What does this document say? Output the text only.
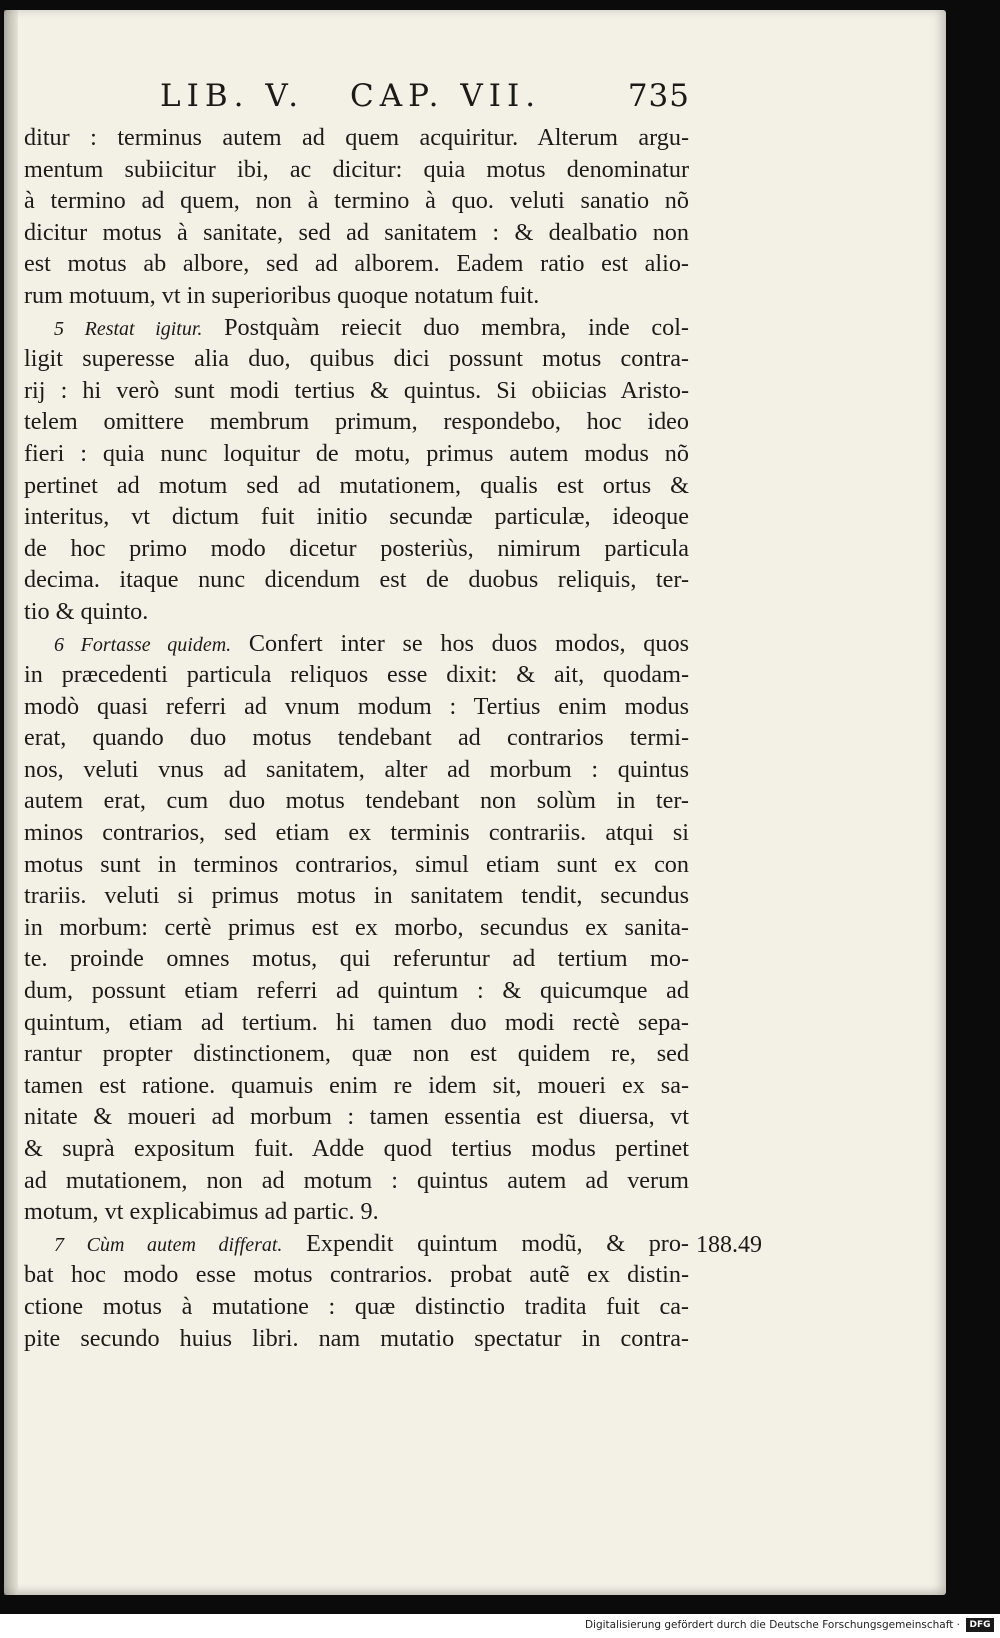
LIB. V. CAP. VII.	735
ditur : terminus autem ad quem acquiritur. Alterum argu-
mentum subiicitur ibi, ac dicitur: quia motus denominatur
à termino ad quem, non à termino à quo. veluti sanatio nõ
dicitur motus à sanitate, sed ad sanitatem : & dealbatio non
est motus ab albore, sed ad alborem. Eadem ratio est alio-
rum motuum, vt in superioribus quoque notatum fuit.
5 Restat igitur. Postquàm reiecit duo membra, inde col-
ligit superesse alia duo, quibus dici possunt motus contra-
rij : hi verò sunt modi tertius & quintus. Si obiicias Aristo-
telem omittere membrum primum, respondebo, hoc ideo
fieri : quia nunc loquitur de motu, primus autem modus nõ
pertinet ad motum sed ad mutationem, qualis est ortus &
interitus, vt dictum fuit initio secundæ particulæ, ideoque
de hoc primo modo dicetur posteriùs, nimirum particula
decima. itaque nunc dicendum est de duobus reliquis, ter-
tio & quinto.
6 Fortasse quidem. Confert inter se hos duos modos, quos
in præcedenti particula reliquos esse dixit: & ait, quodam-
modò quasi referri ad vnum modum : Tertius enim modus
erat, quando duo motus tendebant ad contrarios termi-
nos, veluti vnus ad sanitatem, alter ad morbum : quintus
autem erat, cum duo motus tendebant non solùm in ter-
minos contrarios, sed etiam ex terminis contrariis. atqui si
motus sunt in terminos contrarios, simul etiam sunt ex con
trariis. veluti si primus motus in sanitatem tendit, secundus
in morbum: certè primus est ex morbo, secundus ex sanita-
te. proinde omnes motus, qui referuntur ad tertium mo-
dum, possunt etiam referri ad quintum : & quicumque ad
quintum, etiam ad tertium. hi tamen duo modi rectè sepa-
rantur propter distinctionem, quæ non est quidem re, sed
tamen est ratione. quamuis enim re idem sit, moueri ex sa-
nitate & moueri ad morbum : tamen essentia est diuersa, vt
& suprà expositum fuit. Adde quod tertius modus pertinet
ad mutationem, non ad motum : quintus autem ad verum
motum, vt explicabimus ad partic. 9.
7 Cùm autem differat. Expendit quintum modũ, & pro-
bat hoc modo esse motus contrarios. probat autẽ ex distin-
ctione motus à mutatione : quæ distinctio tradita fuit ca-
pite secundo huius libri. nam mutatio spectatur in contra-
188.49
Digitalisierung gefördert durch die Deutsche Forschungsgemeinschaft ·	DFG
